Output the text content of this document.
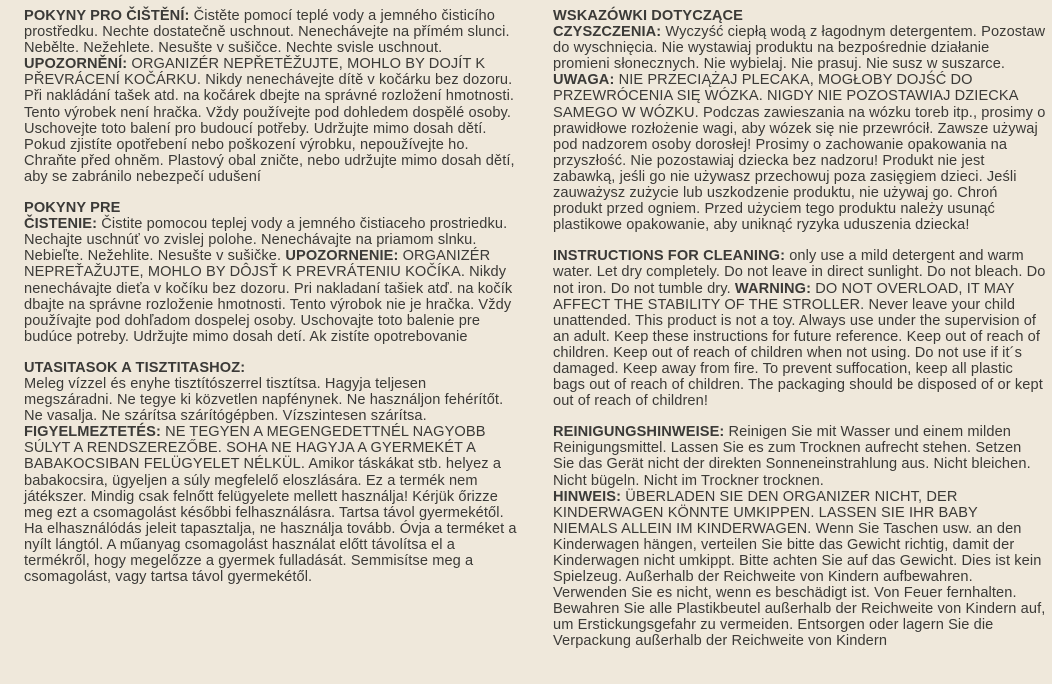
POKYNY PRO ČIŠTĚNÍ: Čistěte pomocí teplé vody a jemného čisticího prostředku. Nechte dostatečně uschnout. Nenechávejte na přímém slunci. Nebělte. Nežehlete. Nesušte v sušičce. Nechte svisle uschnout. UPOZORNĚNÍ: ORGANIZÉR NEPŘETĚŽUJTE, MOHLO BY DOJÍT K PŘEVRÁCENÍ KOČÁRKU. Nikdy nenechávejte dítě v kočárku bez dozoru. Při nakládání tašek atd. na kočárek dbejte na správné rozložení hmotnosti. Tento výrobek není hračka. Vždy používejte pod dohledem dospělé osoby. Uschovejte toto balení pro budoucí potřeby. Udržujte mimo dosah dětí. Pokud zjistíte opotřebení nebo poškození výrobku, nepoužívejte ho. Chraňte před ohněm. Plastový obal zničte, nebo udržujte mimo dosah dětí, aby se zabránilo nebezpečí udušení

POKYNY PRE
ČISTENIE: Čistite pomocou teplej vody a jemného čistiaceho prostriedku. Nechajte uschnúť vo zvislej polohe. Nenechávajte na priamom slnku. Nebieľte. Nežehlite. Nesušte v sušičke. UPOZORNENIE: ORGANIZÉR NEPREŤAŽUJTE, MOHLO BY DÔJSŤ K PREVRÁTENIU KOČÍKA. Nikdy nenechávajte dieťa v kočíku bez dozoru. Pri nakladaní tašiek atď. na kočík dbajte na správne rozloženie hmotnosti. Tento výrobok nie je hračka. Vždy používajte pod dohľadom dospelej osoby. Uschovajte toto balenie pre budúce potreby. Udržujte mimo dosah detí. Ak zistíte opotrebovanie

UTASITASOK A TISZTITASHOZ:
Meleg vízzel és enyhe tisztítószerrel tisztítsa. Hagyja teljesen megszáradni. Ne tegye ki közvetlen napfénynek. Ne használjon fehérítőt. Ne vasalja. Ne szárítsa szárítógépben. Vízszintesen szárítsa. FIGYELMEZTETÉS: NE TEGYEN A MEGENGEDETTNÉL NAGYOBB SÚLYT A RENDSZEREZŐBE. SOHA NE HAGYJA A GYERMEKÉT A BABAKOCSIBAN FELÜGYELET NÉLKÜL. Amikor táskákat stb. helyez a babakocsira, ügyeljen a súly megfelelő eloszlására. Ez a termék nem játékszer. Mindig csak felnőtt felügyelete mellett használja! Kérjük őrizze meg ezt a csomagolást későbbi felhasználásra. Tartsa távol gyermekétől. Ha elhasználódás jeleit tapasztalja, ne használja tovább. Óvja a terméket a nyílt lángtól. A műanyag csomagolást használat előtt távolítsa el a termékről, hogy megelőzze a gyermek fulladását. Semmisítse meg a csomagolást, vagy tartsa távol gyermekétől.

WSKAZÓWKI DOTYCZĄCE
CZYSZCZENIA: Wyczyść ciepłą wodą z łagodnym detergentem. Pozostaw do wyschnięcia. Nie wystawiaj produktu na bezpośrednie działanie promieni słonecznych. Nie wybielaj. Nie prasuj. Nie susz w suszarce. UWAGA: NIE PRZECIĄŻAJ PLECAKA, MOGŁOBY DOJŚĆ DO PRZEWRÓCENIA SIĘ WÓZKA. NIGDY NIE POZOSTAWIAJ DZIECKA SAMEGO W WÓZKU. Podczas zawieszania na wózku toreb itp., prosimy o prawidłowe rozłożenie wagi, aby wózek się nie przewrócił. Zawsze używaj pod nadzorem osoby dorosłej! Prosimy o zachowanie opakowania na przyszłość. Nie pozostawiaj dziecka bez nadzoru! Produkt nie jest zabawką, jeśli go nie używasz przechowuj poza zasięgiem dzieci. Jeśli zauważysz zużycie lub uszkodzenie produktu, nie używaj go. Chroń produkt przed ogniem. Przed użyciem tego produktu należy usunąć plastikowe opakowanie, aby uniknąć ryzyka uduszenia dziecka!

INSTRUCTIONS FOR CLEANING: only use a mild detergent and warm water. Let dry completely. Do not leave in direct sunlight. Do not bleach. Do not iron. Do not tumble dry. WARNING: DO NOT OVERLOAD, IT MAY AFFECT THE STABILITY OF THE STROLLER. Never leave your child unattended. This product is not a toy. Always use under the supervision of an adult. Keep these instructions for future reference. Keep out of reach of children. Keep out of reach of children when not using. Do not use if it´s damaged. Keep away from fire. To prevent suffocation, keep all plastic bags out of reach of children. The packaging should be disposed of or kept out of reach of children!

REINIGUNGSHINWEISE: Reinigen Sie mit Wasser und einem milden Reinigungsmittel. Lassen Sie es zum Trocknen aufrecht stehen. Setzen Sie das Gerät nicht der direkten Sonneneinstrahlung aus. Nicht bleichen. Nicht bügeln. Nicht im Trockner trocknen.
HINWEIS: ÜBERLADEN SIE DEN ORGANIZER NICHT, DER KINDERWAGEN KÖNNTE UMKIPPEN. LASSEN SIE IHR BABY NIEMALS ALLEIN IM KINDERWAGEN. Wenn Sie Taschen usw. an den Kinderwagen hängen, verteilen Sie bitte das Gewicht richtig, damit der Kinderwagen nicht umkippt. Bitte achten Sie auf das Gewicht. Dies ist kein Spielzeug. Außerhalb der Reichweite von Kindern aufbewahren. Verwenden Sie es nicht, wenn es beschädigt ist. Von Feuer fernhalten. Bewahren Sie alle Plastikbeutel außerhalb der Reichweite von Kindern auf, um Erstickungsgefahr zu vermeiden. Entsorgen oder lagern Sie die Verpackung außerhalb der Reichweite von Kindern
